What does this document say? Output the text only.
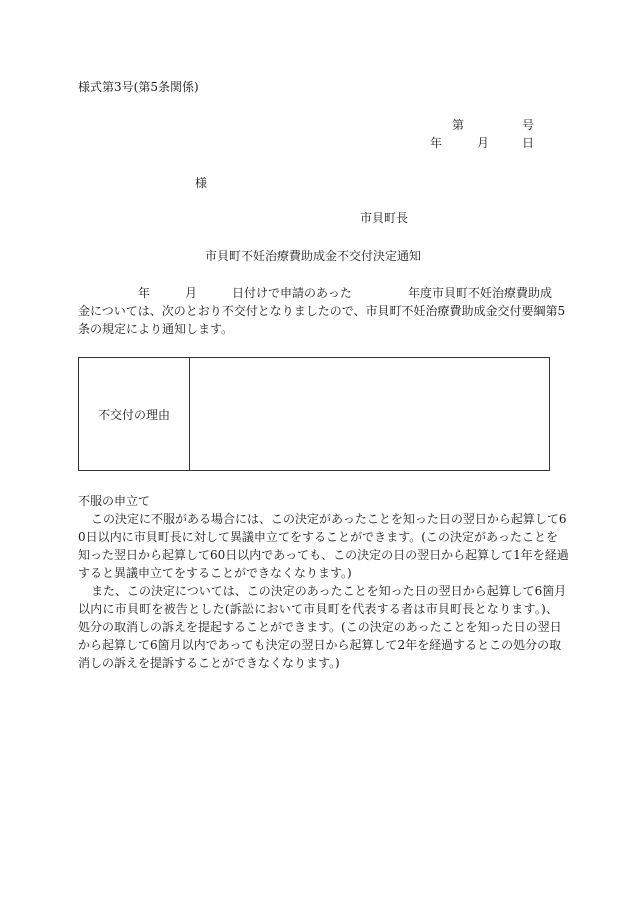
様式第3号(第5条関係)
第	号
年	月	日
様
市貝町長
市貝町不妊治療費助成金不交付決定通知
年	月	日付けで申請のあった	年度市貝町不妊治療費助成
金については、次のとおり不交付となりましたので、市貝町不妊治療費助成金交付要綱第5
条の規定により通知します。
不交付の理由
不服の申立て
この決定に不服がある場合には、この決定があったことを知った日の翌日から起算して6
0日以内に市貝町長に対して異議申立てをすることができます。(この決定があったことを
知った翌日から起算して60日以内であっても、この決定の日の翌日から起算して1年を経過
すると異議申立てをすることができなくなります。)
また、この決定については、この決定のあったことを知った日の翌日から起算して6箇月
以内に市貝町を被告とした(訴訟において市貝町を代表する者は市貝町長となります。)、
処分の取消しの訴えを提起することができます。(この決定のあったことを知った日の翌日
から起算して6箇月以内であっても決定の翌日から起算して2年を経過するとこの処分の取
消しの訴えを提訴することができなくなります。)
